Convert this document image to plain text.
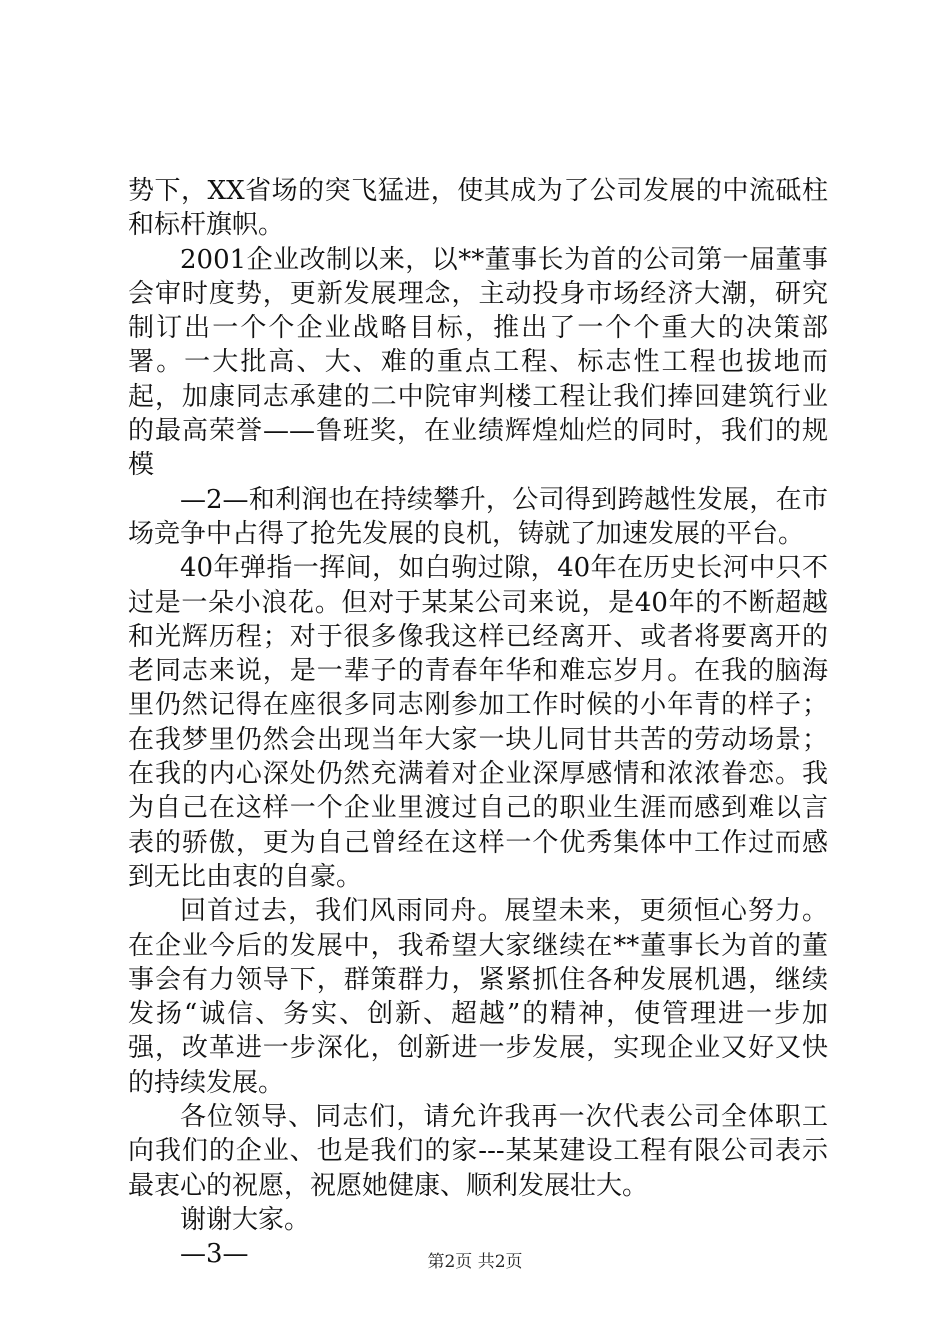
势下，XX省场的突飞猛进，使其成为了公司发展的中流砥柱和标杆旗帜。

2001企业改制以来，以**董事长为首的公司第一届董事会审时度势，更新发展理念，主动投身市场经济大潮，研究制订出一个个企业战略目标，推出了一个个重大的决策部署。一大批高、大、难的重点工程、标志性工程也拔地而起，加康同志承建的二中院审判楼工程让我们捧回建筑行业的最高荣誉——鲁班奖，在业绩辉煌灿烂的同时，我们的规模

—2—和利润也在持续攀升，公司得到跨越性发展，在市场竞争中占得了抢先发展的良机，铸就了加速发展的平台。

40年弹指一挥间，如白驹过隙，40年在历史长河中只不过是一朵小浪花。但对于某某公司来说，是40年的不断超越和光辉历程；对于很多像我这样已经离开、或者将要离开的老同志来说，是一辈子的青春年华和难忘岁月。在我的脑海里仍然记得在座很多同志刚参加工作时候的小年青的样子；在我梦里仍然会出现当年大家一块儿同甘共苦的劳动场景；在我的内心深处仍然充满着对企业深厚感情和浓浓眷恋。我为自己在这样一个企业里渡过自己的职业生涯而感到难以言表的骄傲，更为自己曾经在这样一个优秀集体中工作过而感到无比由衷的自豪。

回首过去，我们风雨同舟。展望未来，更须恒心努力。在企业今后的发展中，我希望大家继续在**董事长为首的董事会有力领导下，群策群力，紧紧抓住各种发展机遇，继续发扬“诚信、务实、创新、超越”的精神，使管理进一步加强，改革进一步深化，创新进一步发展，实现企业又好又快的持续发展。

各位领导、同志们，请允许我再一次代表公司全体职工向我们的企业、也是我们的家---某某建设工程有限公司表示最衷心的祝愿，祝愿她健康、顺利发展壮大。

谢谢大家。

—3—	第2页 共2页
